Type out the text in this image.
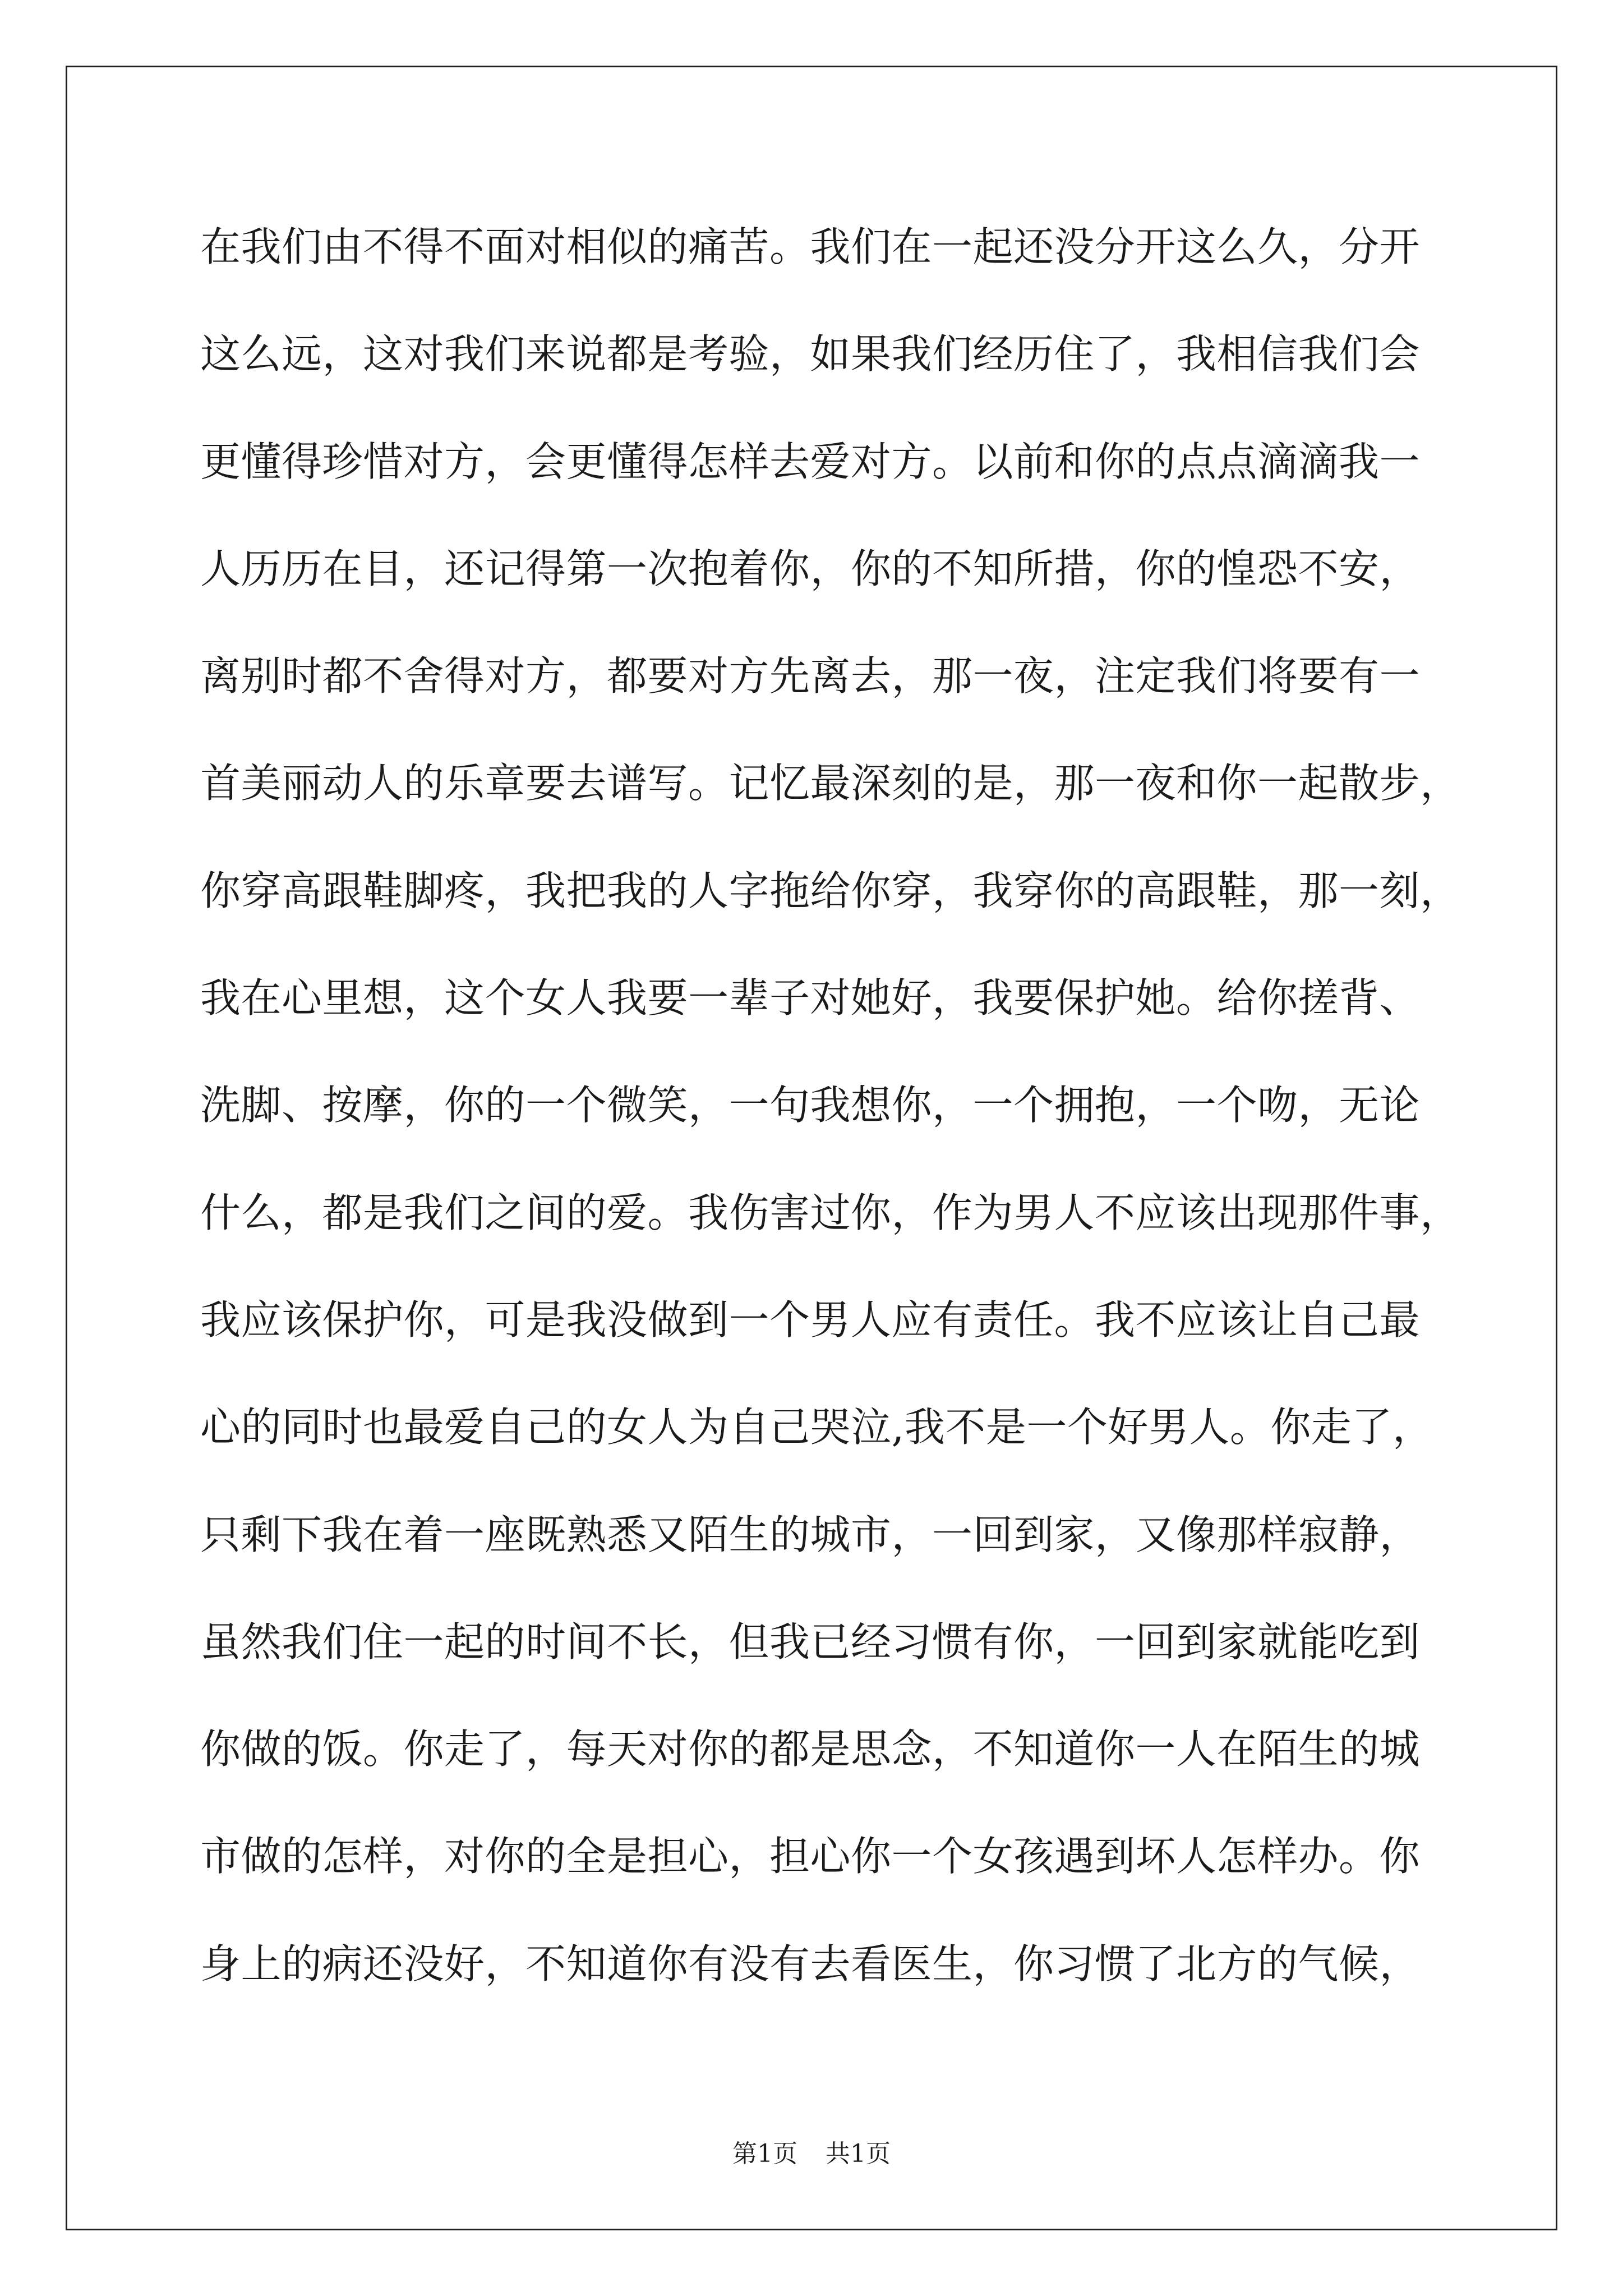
在我们由不得不面对相似的痛苦。我们在一起还没分开这么久，分开
这么远，这对我们来说都是考验，如果我们经历住了，我相信我们会
更懂得珍惜对方，会更懂得怎样去爱对方。以前和你的点点滴滴我一
人历历在目，还记得第一次抱着你，你的不知所措，你的惶恐不安，
离别时都不舍得对方，都要对方先离去，那一夜，注定我们将要有一
首美丽动人的乐章要去谱写。记忆最深刻的是，那一夜和你一起散步，
你穿高跟鞋脚疼，我把我的人字拖给你穿，我穿你的高跟鞋，那一刻，
我在心里想，这个女人我要一辈子对她好，我要保护她。给你搓背、
洗脚、按摩，你的一个微笑，一句我想你，一个拥抱，一个吻，无论
什么，都是我们之间的爱。我伤害过你，作为男人不应该出现那件事，
我应该保护你，可是我没做到一个男人应有责任。我不应该让自己最
心的同时也最爱自己的女人为自己哭泣,我不是一个好男人。你走了，
只剩下我在着一座既熟悉又陌生的城市，一回到家，又像那样寂静，
虽然我们住一起的时间不长，但我已经习惯有你，一回到家就能吃到
你做的饭。你走了，每天对你的都是思念，不知道你一人在陌生的城
市做的怎样，对你的全是担心，担心你一个女孩遇到坏人怎样办。你
身上的病还没好，不知道你有没有去看医生，你习惯了北方的气候，
第1页 共1页
